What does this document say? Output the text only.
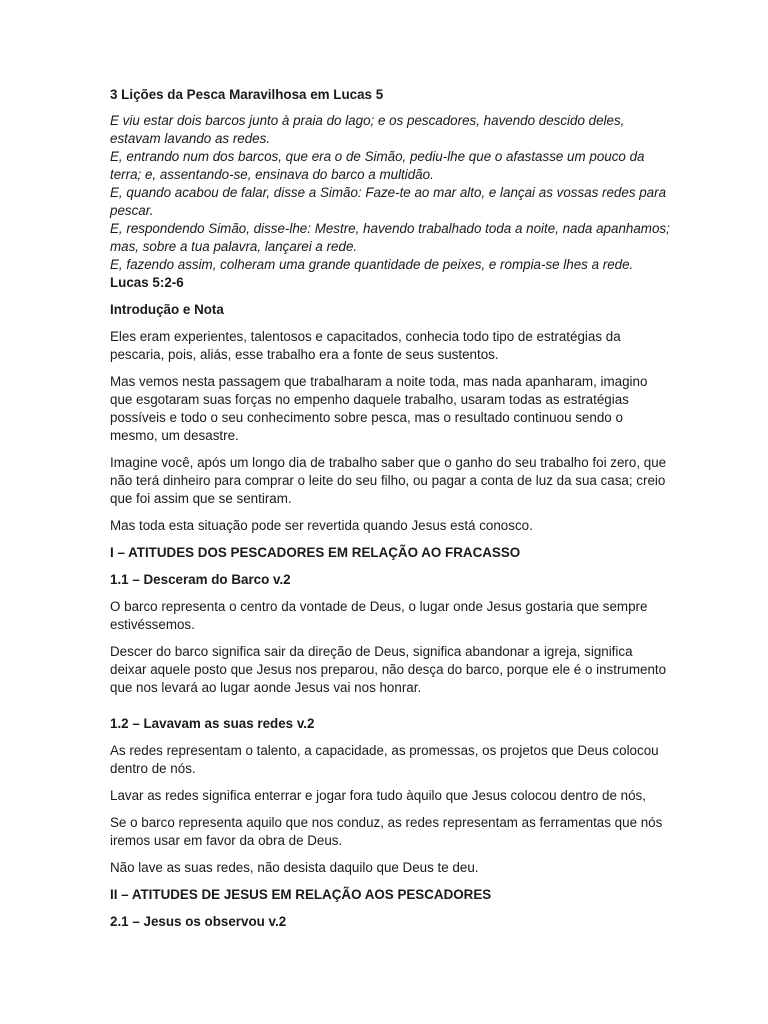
3 Lições da Pesca Maravilhosa em Lucas 5

E viu estar dois barcos junto à praia do lago; e os pescadores, havendo descido deles, estavam lavando as redes.

E, entrando num dos barcos, que era o de Simão, pediu-lhe que o afastasse um pouco da terra; e, assentando-se, ensinava do barco a multidão.

E, quando acabou de falar, disse a Simão: Faze-te ao mar alto, e lançai as vossas redes para pescar.

E, respondendo Simão, disse-lhe: Mestre, havendo trabalhado toda a noite, nada apanhamos; mas, sobre a tua palavra, lançarei a rede.

E, fazendo assim, colheram uma grande quantidade de peixes, e rompia-se lhes a rede.

Lucas 5:2-6

Introdução e Nota

Eles eram experientes, talentosos e capacitados, conhecia todo tipo de estratégias da pescaria, pois, aliás, esse trabalho era a fonte de seus sustentos.

Mas vemos nesta passagem que trabalharam a noite toda, mas nada apanharam, imagino que esgotaram suas forças no empenho daquele trabalho, usaram todas as estratégias possíveis e todo o seu conhecimento sobre pesca, mas o resultado continuou sendo o mesmo, um desastre.

Imagine você, após um longo dia de trabalho saber que o ganho do seu trabalho foi zero, que não terá dinheiro para comprar o leite do seu filho, ou pagar a conta de luz da sua casa; creio que foi assim que se sentiram.

Mas toda esta situação pode ser revertida quando Jesus está conosco.

I – ATITUDES DOS PESCADORES EM RELAÇÃO AO FRACASSO

1.1 – Desceram do Barco v.2

O barco representa o centro da vontade de Deus, o lugar onde Jesus gostaria que sempre estivéssemos.

Descer do barco significa sair da direção de Deus, significa abandonar a igreja, significa deixar aquele posto que Jesus nos preparou, não desça do barco, porque ele é o instrumento que nos levará ao lugar aonde Jesus vai nos honrar.

1.2 – Lavavam as suas redes v.2

As redes representam o talento, a capacidade, as promessas, os projetos que Deus colocou dentro de nós.

Lavar as redes significa enterrar e jogar fora tudo àquilo que Jesus colocou dentro de nós,

Se o barco representa aquilo que nos conduz, as redes representam as ferramentas que nós iremos usar em favor da obra de Deus.

Não lave as suas redes, não desista daquilo que Deus te deu.

II – ATITUDES DE JESUS EM RELAÇÃO AOS PESCADORES

2.1 – Jesus os observou v.2
